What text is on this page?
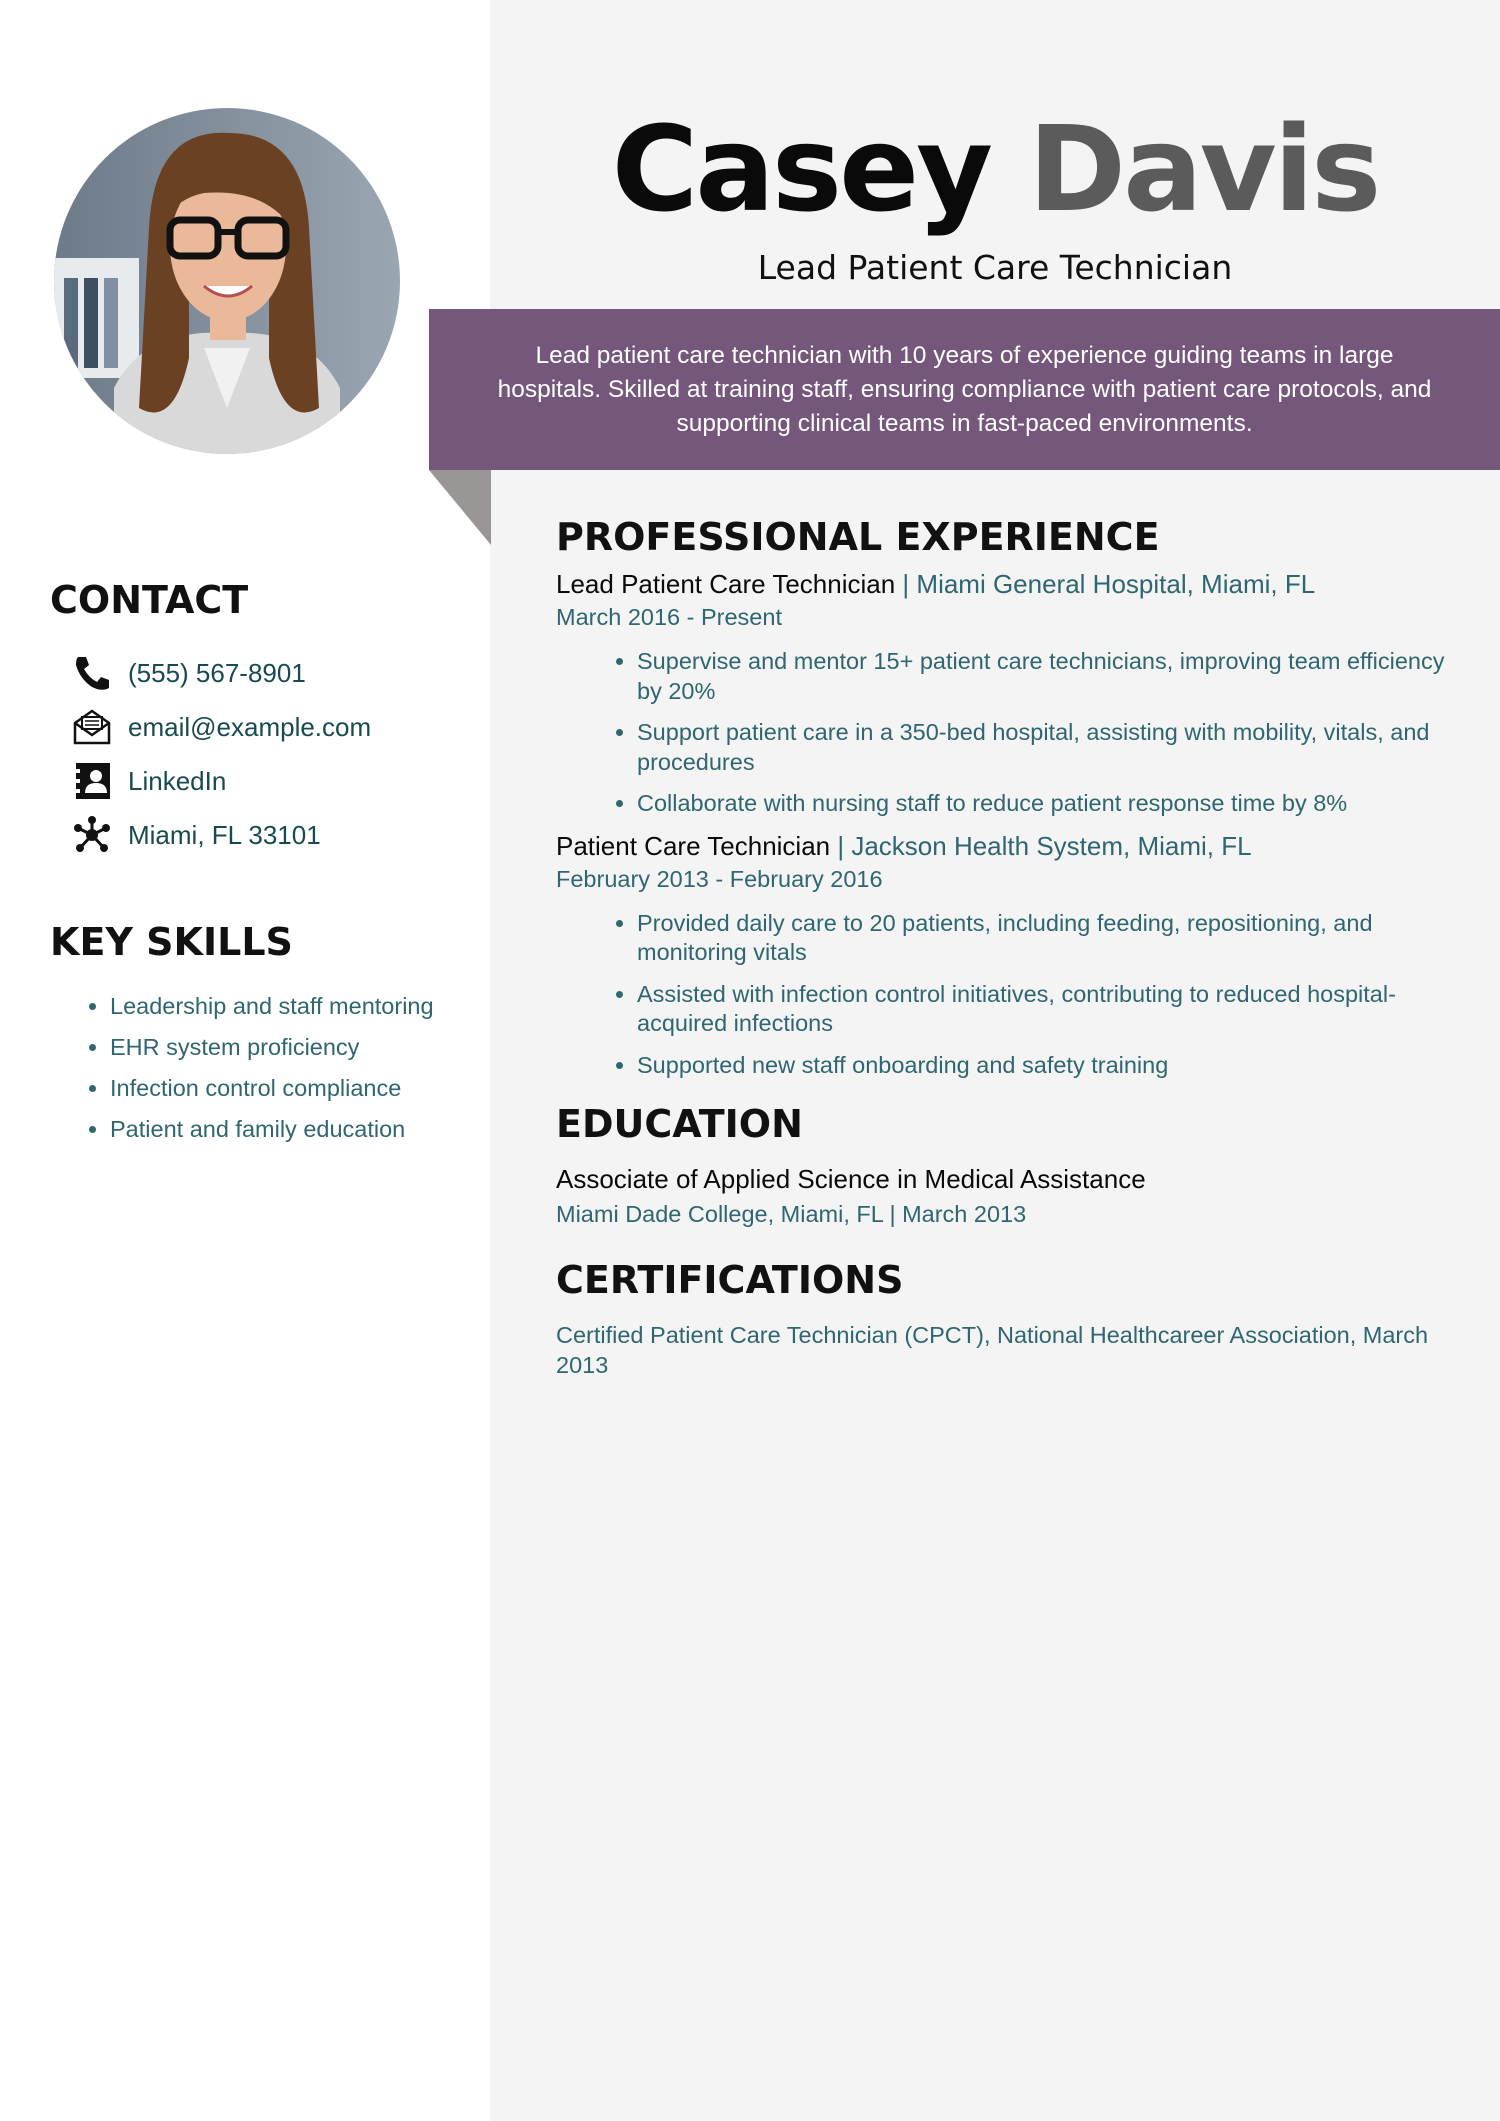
Casey Davis
Lead Patient Care Technician
Lead patient care technician with 10 years of experience guiding teams in large hospitals. Skilled at training staff, ensuring compliance with patient care protocols, and supporting clinical teams in fast-paced environments.
CONTACT
(555) 567-8901
email@example.com
LinkedIn
Miami, FL 33101
KEY SKILLS
• Leadership and staff mentoring
• EHR system proficiency
• Infection control compliance
• Patient and family education
PROFESSIONAL EXPERIENCE
Lead Patient Care Technician | Miami General Hospital, Miami, FL
March 2016 - Present
• Supervise and mentor 15+ patient care technicians, improving team efficiency by 20%
• Support patient care in a 350-bed hospital, assisting with mobility, vitals, and procedures
• Collaborate with nursing staff to reduce patient response time by 8%
Patient Care Technician | Jackson Health System, Miami, FL
February 2013 - February 2016
• Provided daily care to 20 patients, including feeding, repositioning, and monitoring vitals
• Assisted with infection control initiatives, contributing to reduced hospital-acquired infections
• Supported new staff onboarding and safety training
EDUCATION
Associate of Applied Science in Medical Assistance
Miami Dade College, Miami, FL | March 2013
CERTIFICATIONS
Certified Patient Care Technician (CPCT), National Healthcareer Association, March 2013
